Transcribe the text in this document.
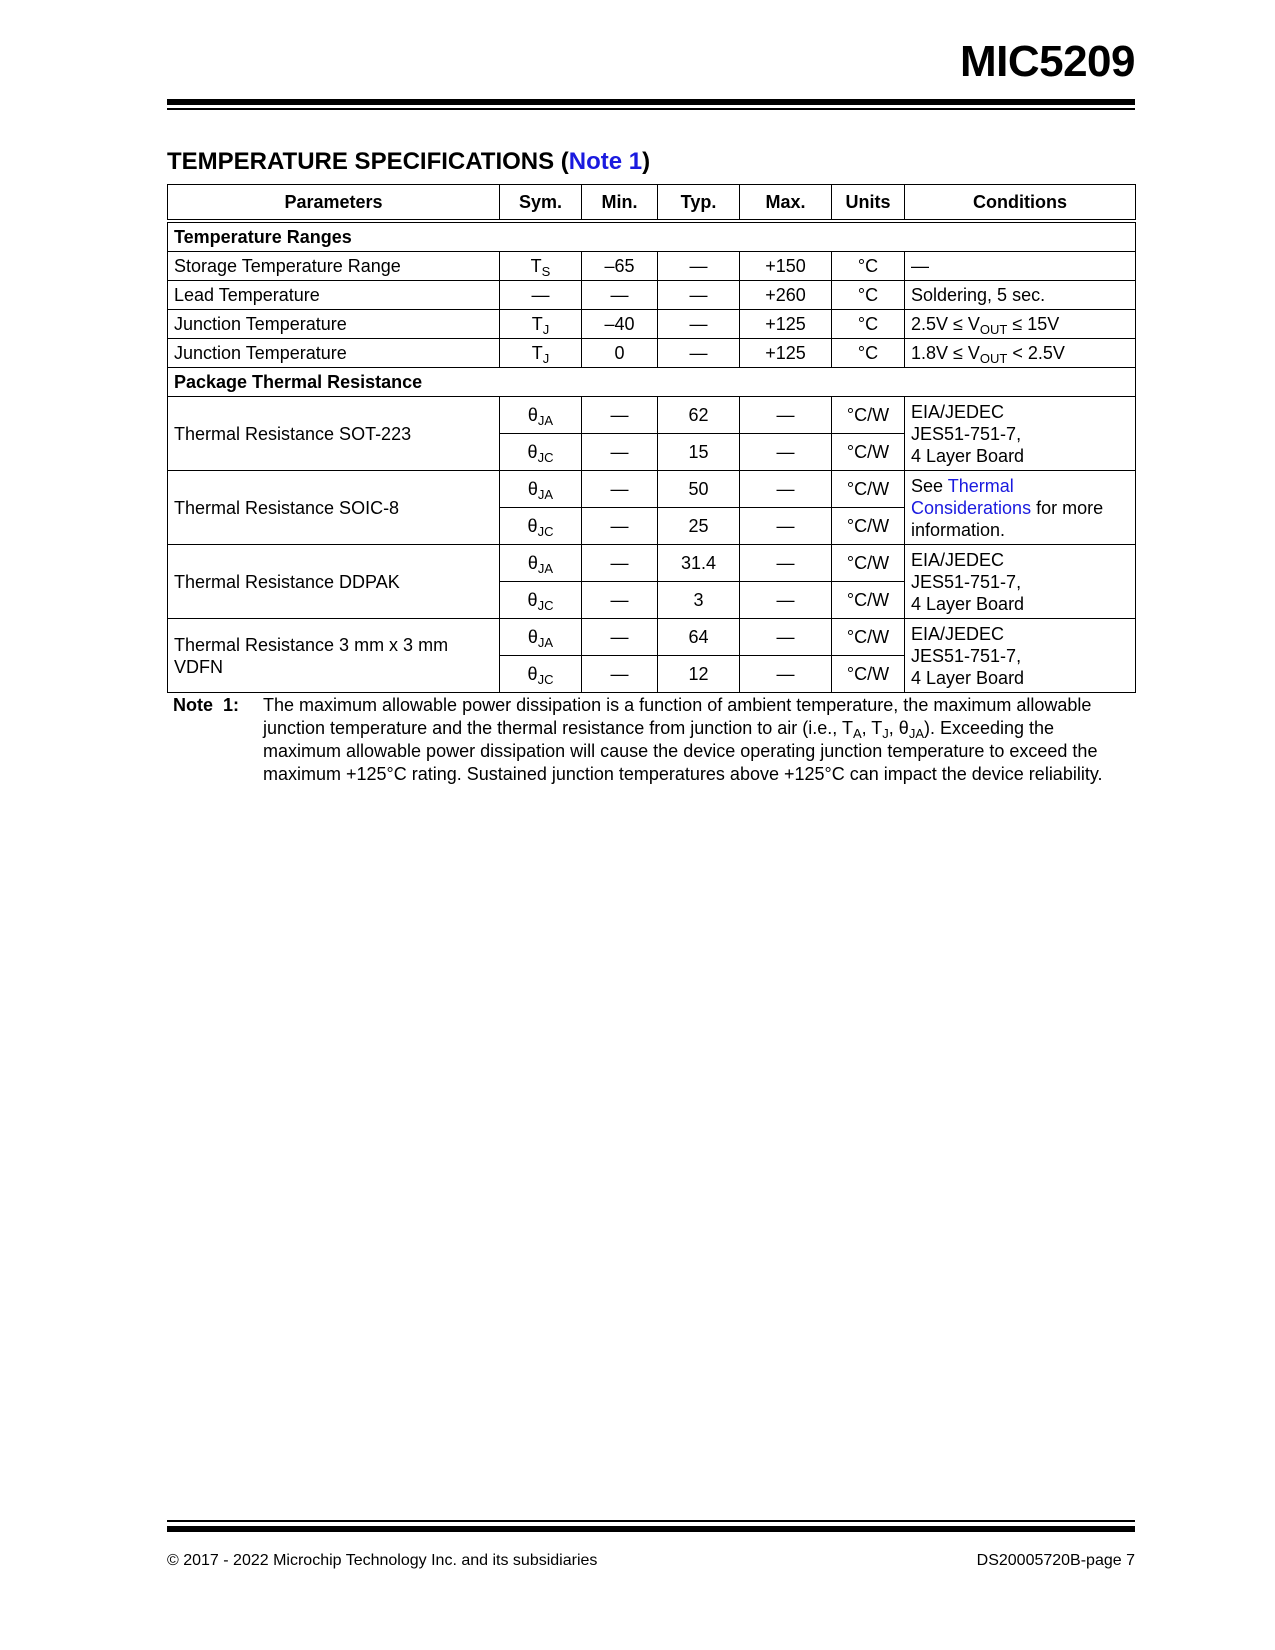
MIC5209
TEMPERATURE SPECIFICATIONS (Note 1)
Parameters	Sym.	Min.	Typ.	Max.	Units	Conditions
Temperature Ranges						
Storage Temperature Range	$T_S$	–65	—	+150	°C	—
Lead Temperature	—	—	—	+260	°C	Soldering, 5 sec.
Junction Temperature	$T_J$	–40	—	+125	°C	$2.5V \le V_{OUT} \le 15V$
Junction Temperature	$T_J$	0	—	+125	°C	$1.8V \le V_{OUT} < 2.5V$
Package Thermal Resistance						
Thermal Resistance SOT-223	$\theta_{JA}$	—	62	—	°C/W	EIA/JEDEC
JES51-751-7,
4 Layer Board
	$\theta_{JC}$	—	15	—	°C/W	
Thermal Resistance SOIC-8	$\theta_{JA}$	—	50	—	°C/W	See Thermal Considerations for more information.
	$\theta_{JC}$	—	25	—	°C/W	
Thermal Resistance DDPAK	$\theta_{JA}$	—	31.4	—	°C/W	EIA/JEDEC
JES51-751-7,
4 Layer Board
	$\theta_{JC}$	—	3	—	°C/W	
Thermal Resistance 3 mm x 3 mm VDFN	$\theta_{JA}$	—	64	—	°C/W	EIA/JEDEC
JES51-751-7,
4 Layer Board
	$\theta_{JC}$	—	12	—	°C/W	
Note  1: The maximum allowable power dissipation is a function of ambient temperature, the maximum allowable junction temperature and the thermal resistance from junction to air (i.e., $T_A$, $T_J$, $\theta_{JA}$). Exceeding the maximum allowable power dissipation will cause the device operating junction temperature to exceed the maximum +125°C rating. Sustained junction temperatures above +125°C can impact the device reliability.
© 2017 - 2022 Microchip Technology Inc. and its subsidiaries	DS20005720B-page 7
